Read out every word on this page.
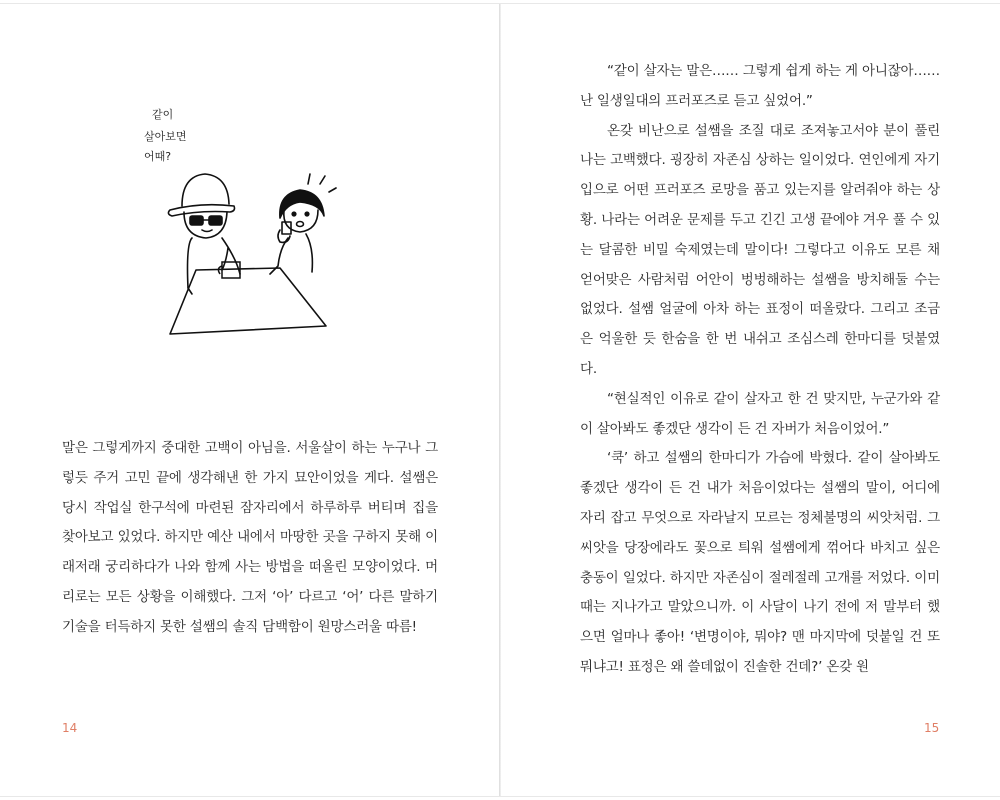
같이
살아보면
어때?

말은 그렇게까지 중대한 고백이 아님을. 서울살이 하는 누구나 그렇듯 주거 고민 끝에 생각해낸 한 가지 묘안이었을 게다. 설쌤은 당시 작업실 한구석에 마련된 잠자리에서 하루하루 버티며 집을 찾아보고 있었다. 하지만 예산 내에서 마땅한 곳을 구하지 못해 이래저래 궁리하다가 나와 함께 사는 방법을 떠올린 모양이었다. 머리로는 모든 상황을 이해했다. 그저 ‘아’ 다르고 ‘어’ 다른 말하기 기술을 터득하지 못한 설쌤의 솔직 담백함이 원망스러울 따름!

14

“같이 살자는 말은…… 그렇게 쉽게 하는 게 아니잖아…… 난 일생일대의 프러포즈로 듣고 싶었어.”

온갖 비난으로 설쌤을 조질 대로 조져놓고서야 분이 풀린 나는 고백했다. 굉장히 자존심 상하는 일이었다. 연인에게 자기 입으로 어떤 프러포즈 로망을 품고 있는지를 알려줘야 하는 상황. 나라는 어려운 문제를 두고 긴긴 고생 끝에야 겨우 풀 수 있는 달콤한 비밀 숙제였는데 말이다! 그렇다고 이유도 모른 채 얻어맞은 사람처럼 어안이 벙벙해하는 설쌤을 방치해둘 수는 없었다. 설쌤 얼굴에 아차 하는 표정이 떠올랐다. 그리고 조금은 억울한 듯 한숨을 한 번 내쉬고 조심스레 한마디를 덧붙였다.

“현실적인 이유로 같이 살자고 한 건 맞지만, 누군가와 같이 살아봐도 좋겠단 생각이 든 건 자버가 처음이었어.”

‘쿡’ 하고 설쌤의 한마디가 가슴에 박혔다. 같이 살아봐도 좋겠단 생각이 든 건 내가 처음이었다는 설쌤의 말이, 어디에 자리 잡고 무엇으로 자라날지 모르는 정체불명의 씨앗처럼. 그 씨앗을 당장에라도 꽃으로 틔워 설쌤에게 꺾어다 바치고 싶은 충동이 일었다. 하지만 자존심이 절레절레 고개를 저었다. 이미 때는 지나가고 말았으니까. 이 사달이 나기 전에 저 말부터 했으면 얼마나 좋아! ‘변명이야, 뭐야? 맨 마지막에 덧붙일 건 또 뭐냐고! 표정은 왜 쓸데없이 진솔한 건데?’ 온갖 원

15
